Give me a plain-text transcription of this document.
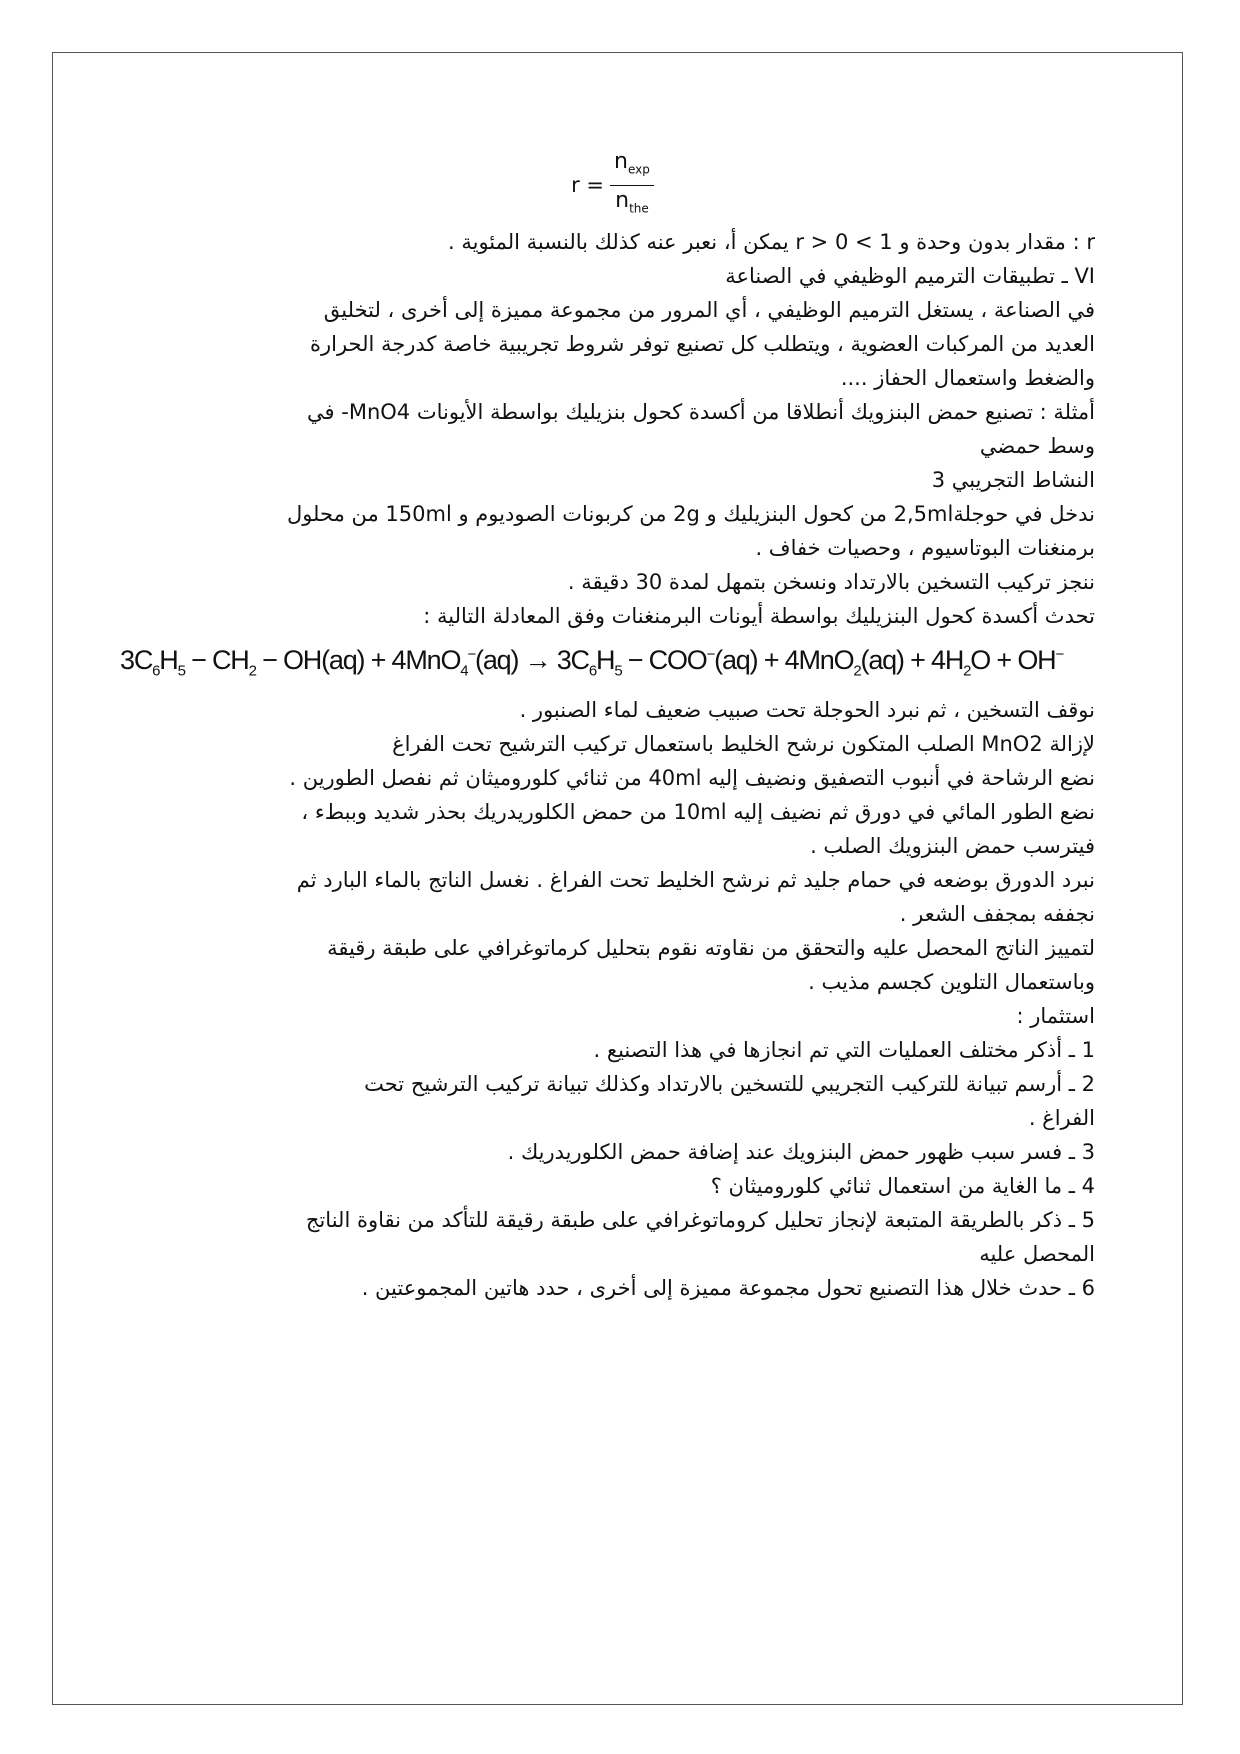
$r = \frac{n_{exp}}{n_{the}}$
r : مقدار بدون وحدة و 1 > r > 0 يمكن أ، نعبر عنه كذلك بالنسبة المئوية .
VI ـ تطبيقات الترميم الوظيفي في الصناعة
في الصناعة ، يستغل الترميم الوظيفي ، أي المرور من مجموعة مميزة إلى أخرى ، لتخليق
العديد من المركبات العضوية ، ويتطلب كل تصنيع توفر شروط تجريبية خاصة كدرجة الحرارة
والضغط واستعمال الحفاز ....
أمثلة : تصنيع حمض البنزويك أنطلاقا من أكسدة كحول بنزيليك بواسطة الأيونات MnO4- في
وسط حمضي
النشاط التجريبي 3
ندخل في حوجلة2,5ml من كحول البنزيليك و 2g من كربونات الصوديوم و 150ml من محلول
برمنغنات البوتاسيوم ، وحصيات خفاف .
ننجز تركيب التسخين بالارتداد ونسخن بتمهل لمدة 30 دقيقة .
تحدث أكسدة كحول البنزيليك بواسطة أيونات البرمنغنات وفق المعادلة التالية :
$3C_6H_5 - CH_2 - OH(aq) + 4MnO_4^-(aq) \to 3C_6H_5 - COO^-(aq) + 4MnO_2(aq) + 4H_2O + OH^-$
نوقف التسخين ، ثم نبرد الحوجلة تحت صبيب ضعيف لماء الصنبور .
لإزالة MnO2 الصلب المتكون نرشح الخليط باستعمال تركيب الترشيح تحت الفراغ
نضع الرشاحة في أنبوب التصفيق ونضيف إليه 40ml من ثنائي كلوروميثان ثم نفصل الطورين .
نضع الطور المائي في دورق ثم نضيف إليه 10ml من حمض الكلوريدريك بحذر شديد وببطء ،
فيترسب حمض البنزويك الصلب .
نبرد الدورق بوضعه في حمام جليد ثم نرشح الخليط تحت الفراغ . نغسل الناتج بالماء البارد ثم
نجففه بمجفف الشعر .
لتمييز الناتج المحصل عليه والتحقق من نقاوته نقوم بتحليل كرماتوغرافي على طبقة رقيقة
وباستعمال التلوين كجسم مذيب .
استثمار :
1 ـ أذكر مختلف العمليات التي تم انجازها في هذا التصنيع .
2 ـ أرسم تبيانة للتركيب التجريبي للتسخين بالارتداد وكذلك تبيانة تركيب الترشيح تحت
الفراغ .
3 ـ فسر سبب ظهور حمض البنزويك عند إضافة حمض الكلوريدريك .
4 ـ ما الغاية من استعمال ثنائي كلوروميثان ؟
5 ـ ذكر بالطريقة المتبعة لإنجاز تحليل كروماتوغرافي على طبقة رقيقة للتأكد من نقاوة الناتج
المحصل عليه
6 ـ حدث خلال هذا التصنيع تحول مجموعة مميزة إلى أخرى ، حدد هاتين المجموعتين .
